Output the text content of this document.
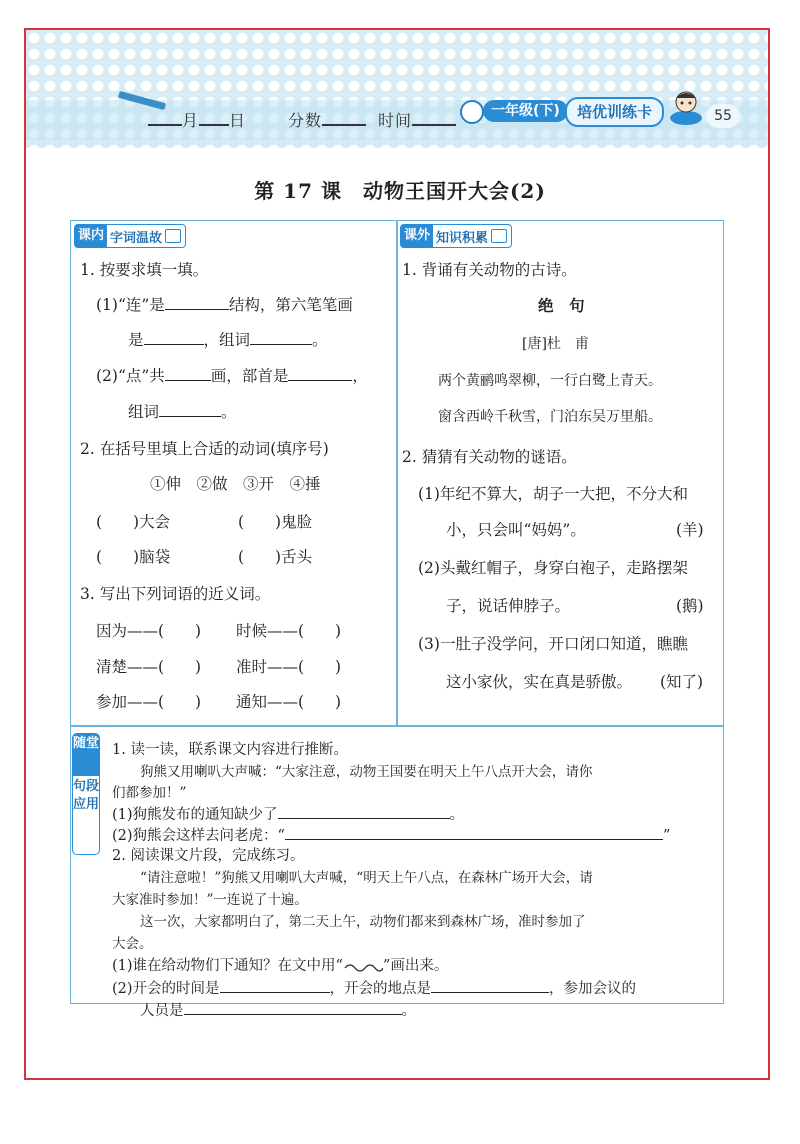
月 日	分数	时间	一年级(下)	培优训练卡	55
第 17 课　动物王国开大会(2)
课内 字词温故
1. 按要求填一填。
(1)“连”是	结构，第六笔笔画
是	，组词	。
(2)“点”共	画，部首是	，
组词	。
2. 在括号里填上合适的动词(填序号)
①伸　②做　③开　④捶
(　　)大会	(　　)鬼脸
(　　)脑袋	(　　)舌头
3. 写出下列词语的近义词。
因为——(　　) 时候——(　　)
清楚——(　　) 准时——(　　)
参加——(　　) 通知——(　　)
课外 知识积累
1. 背诵有关动物的古诗。
绝　句
[唐]杜　甫
两个黄鹂鸣翠柳，一行白鹭上青天。
窗含西岭千秋雪，门泊东吴万里船。
2. 猜猜有关动物的谜语。
(1)年纪不算大，胡子一大把，不分大和
小，只会叫“妈妈”。	(羊)
(2)头戴红帽子，身穿白袍子，走路摆架
子，说话伸脖子。	(鹅)
(3)一肚子没学问，开口闭口知道，瞧瞧
这小家伙，实在真是骄傲。 (知了)
随堂
句段应用
1. 读一读，联系课文内容进行推断。
狗熊又用喇叭大声喊：“大家注意，动物王国要在明天上午八点开大会，请你
们都参加！”
(1)狗熊发布的通知缺少了	。
(2)狗熊会这样去问老虎：“	”
2. 阅读课文片段，完成练习。
“请注意啦！”狗熊又用喇叭大声喊，“明天上午八点，在森林广场开大会，请
大家准时参加！”一连说了十遍。
这一次，大家都明白了，第二天上午，动物们都来到森林广场，准时参加了
大会。
(1)谁在给动物们下通知？在文中用“	”画出来。
(2)开会的时间是	，开会的地点是	，参加会议的
人员是	。
